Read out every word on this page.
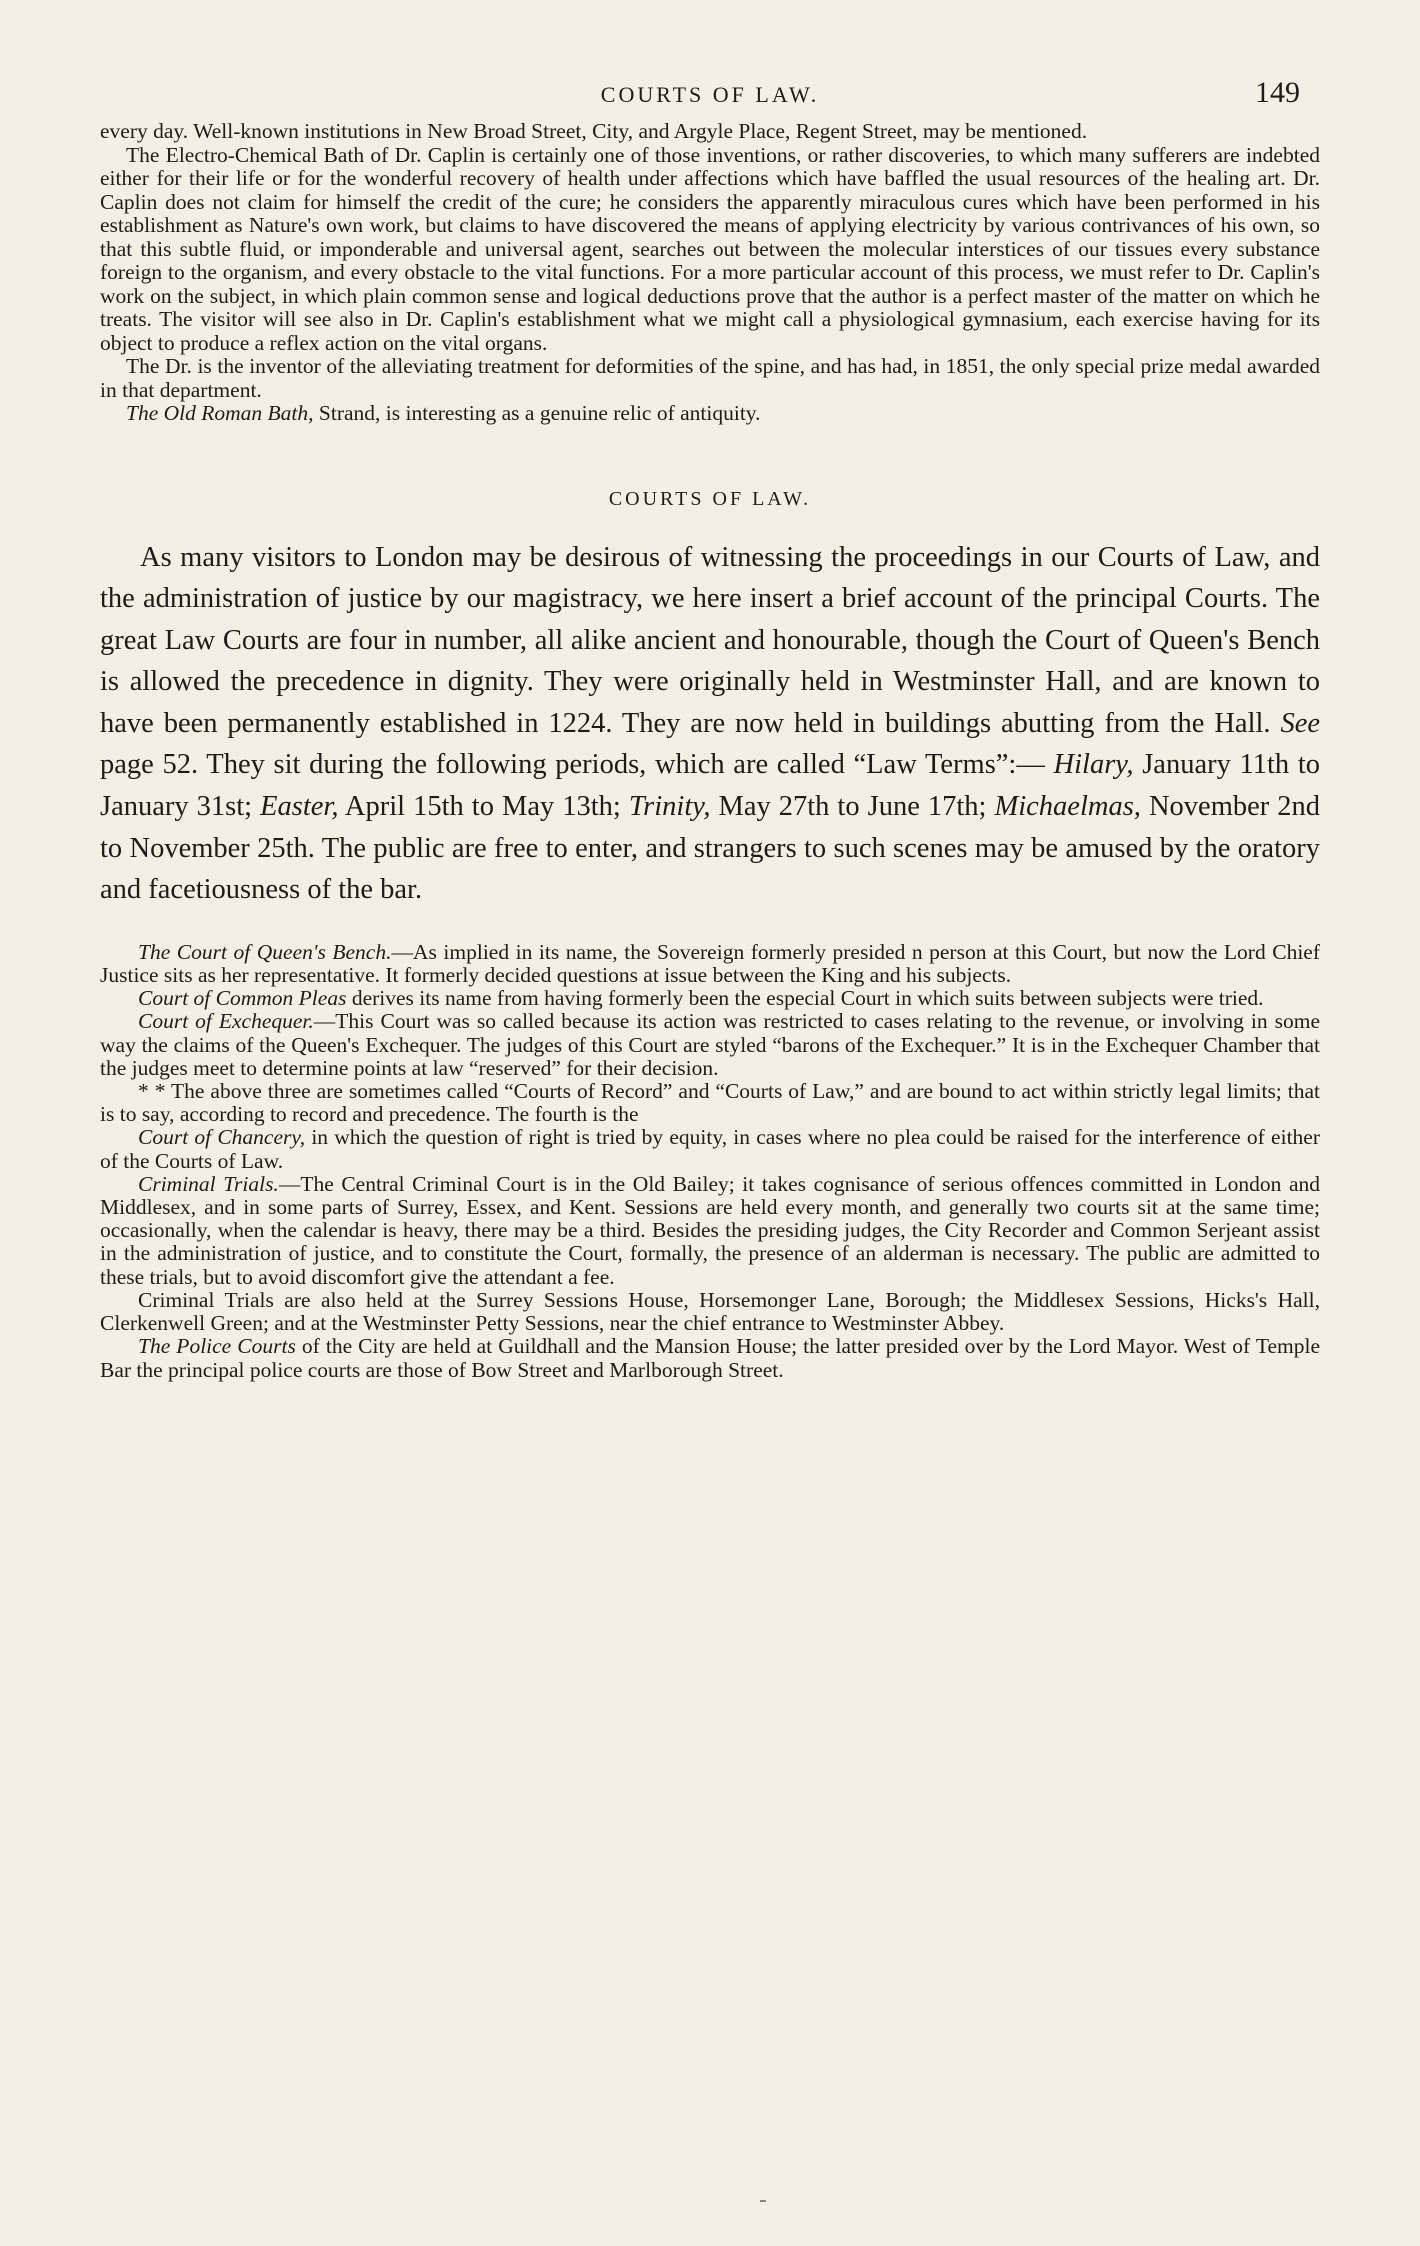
COURTS OF LAW.	149

every day. Well-known institutions in New Broad Street, City, and Argyle Place, Regent Street, may be mentioned.

The Electro-Chemical Bath of Dr. Caplin is certainly one of those inventions, or rather discoveries, to which many sufferers are indebted either for their life or for the wonderful recovery of health under affections which have baffled the usual resources of the healing art. Dr. Caplin does not claim for himself the credit of the cure; he considers the apparently miraculous cures which have been performed in his establishment as Nature's own work, but claims to have discovered the means of applying electricity by various contrivances of his own, so that this subtle fluid, or imponderable and universal agent, searches out between the molecular interstices of our tissues every substance foreign to the organism, and every obstacle to the vital functions. For a more particular account of this process, we must refer to Dr. Caplin's work on the subject, in which plain common sense and logical deductions prove that the author is a perfect master of the matter on which he treats. The visitor will see also in Dr. Caplin's establishment what we might call a physiological gymnasium, each exercise having for its object to produce a reflex action on the vital organs.

The Dr. is the inventor of the alleviating treatment for deformities of the spine, and has had, in 1851, the only special prize medal awarded in that department.

The Old Roman Bath, Strand, is interesting as a genuine relic of antiquity.

COURTS OF LAW.

As many visitors to London may be desirous of witnessing the proceedings in our Courts of Law, and the administration of justice by our magistracy, we here insert a brief account of the principal Courts. The great Law Courts are four in number, all alike ancient and honourable, though the Court of Queen's Bench is allowed the precedence in dignity. They were originally held in Westminster Hall, and are known to have been permanently established in 1224. They are now held in buildings abutting from the Hall. See page 52. They sit during the following periods, which are called “Law Terms”:— Hilary, January 11th to January 31st; Easter, April 15th to May 13th; Trinity, May 27th to June 17th; Michaelmas, November 2nd to November 25th. The public are free to enter, and strangers to such scenes may be amused by the oratory and facetiousness of the bar.

The Court of Queen's Bench.—As implied in its name, the Sovereign formerly presided n person at this Court, but now the Lord Chief Justice sits as her representative. It formerly decided questions at issue between the King and his subjects.

Court of Common Pleas derives its name from having formerly been the especial Court in which suits between subjects were tried.

Court of Exchequer.—This Court was so called because its action was restricted to cases relating to the revenue, or involving in some way the claims of the Queen's Exchequer. The judges of this Court are styled “barons of the Exchequer.” It is in the Exchequer Chamber that the judges meet to determine points at law “reserved” for their decision.

* * The above three are sometimes called “Courts of Record” and “Courts of Law,” and are bound to act within strictly legal limits; that is to say, according to record and precedence. The fourth is the

Court of Chancery, in which the question of right is tried by equity, in cases where no plea could be raised for the interference of either of the Courts of Law.

Criminal Trials.—The Central Criminal Court is in the Old Bailey; it takes cognisance of serious offences committed in London and Middlesex, and in some parts of Surrey, Essex, and Kent. Sessions are held every month, and generally two courts sit at the same time; occasionally, when the calendar is heavy, there may be a third. Besides the presiding judges, the City Recorder and Common Serjeant assist in the administration of justice, and to constitute the Court, formally, the presence of an alderman is necessary. The public are admitted to these trials, but to avoid discomfort give the attendant a fee.

Criminal Trials are also held at the Surrey Sessions House, Horsemonger Lane, Borough; the Middlesex Sessions, Hicks's Hall, Clerkenwell Green; and at the Westminster Petty Sessions, near the chief entrance to Westminster Abbey.

The Police Courts of the City are held at Guildhall and the Mansion House; the latter presided over by the Lord Mayor. West of Temple Bar the principal police courts are those of Bow Street and Marlborough Street.
